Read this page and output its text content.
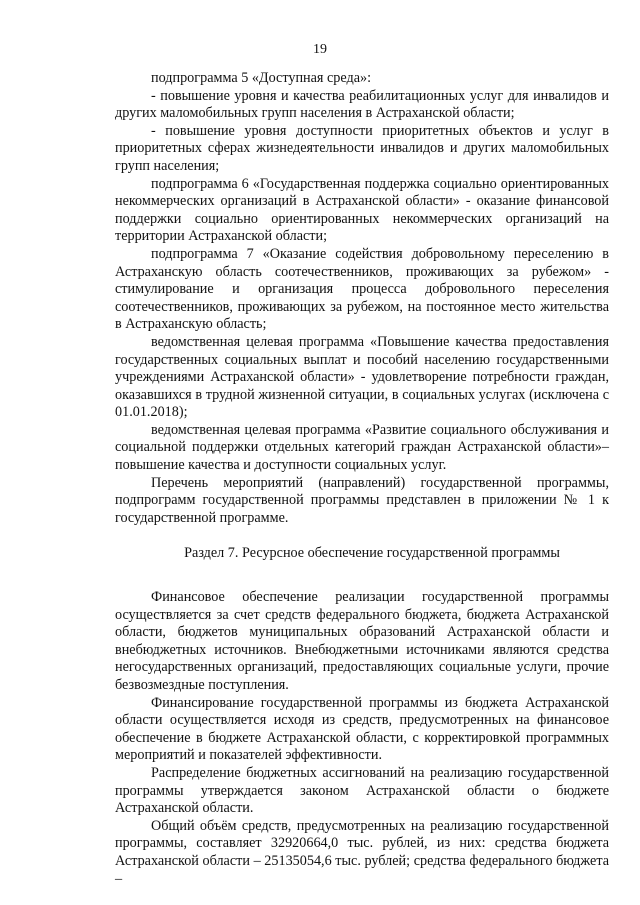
19

подпрограмма 5 «Доступная среда»:

- повышение уровня и качества реабилитационных услуг для инвалидов и других маломобильных групп населения в Астраханской области;

- повышение уровня доступности приоритетных объектов и услуг в приоритетных сферах жизнедеятельности инвалидов и других маломобильных групп населения;

подпрограмма 6 «Государственная поддержка социально ориентированных некоммерческих организаций в Астраханской области» - оказание финансовой поддержки социально ориентированных некоммерческих организаций на территории Астраханской области;

подпрограмма 7 «Оказание содействия добровольному переселению в Астраханскую область соотечественников, проживающих за рубежом» - стимулирование и организация процесса добровольного переселения соотечественников, проживающих за рубежом, на постоянное место жительства в Астраханскую область;

ведомственная целевая программа «Повышение качества предоставления государственных социальных выплат и пособий населению государственными учреждениями Астраханской области» - удовлетворение потребности граждан, оказавшихся в трудной жизненной ситуации, в социальных услугах (исключена с 01.01.2018);

ведомственная целевая программа «Развитие социального обслуживания и социальной поддержки отдельных категорий граждан Астраханской области»– повышение качества и доступности социальных услуг.

Перечень мероприятий (направлений) государственной программы, подпрограмм государственной программы представлен в приложении № 1 к государственной программе.

Раздел 7. Ресурсное обеспечение государственной программы

Финансовое обеспечение реализации государственной программы осуществляется за счет средств федерального бюджета, бюджета Астраханской области, бюджетов муниципальных образований Астраханской области и внебюджетных источников. Внебюджетными источниками являются средства негосударственных организаций, предоставляющих социальные услуги, прочие безвозмездные поступления.

Финансирование государственной программы из бюджета Астраханской области осуществляется исходя из средств, предусмотренных на финансовое обеспечение в бюджете Астраханской области, с корректировкой программных мероприятий и показателей эффективности.

Распределение бюджетных ассигнований на реализацию государственной программы утверждается законом Астраханской области о бюджете Астраханской области.

Общий объём средств, предусмотренных на реализацию государственной программы, составляет 32920664,0 тыс. рублей, из них: средства бюджета Астраханской области – 25135054,6 тыс. рублей; средства федерального бюджета –
